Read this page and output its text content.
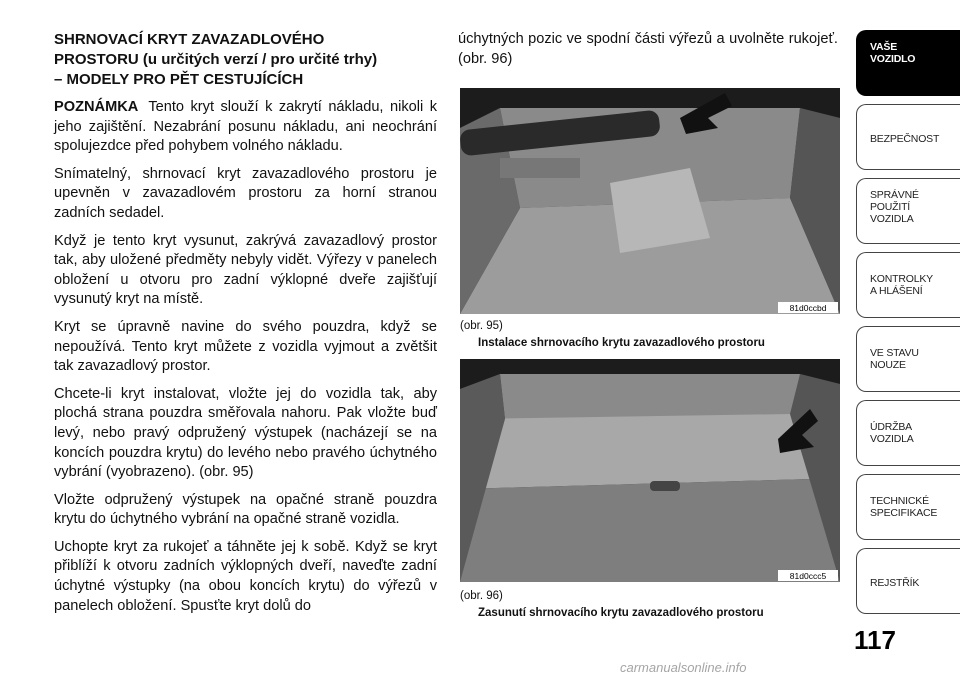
SHRNOVACÍ KRYT ZAVAZADLOVÉHO
PROSTORU (u určitých verzí / pro určité trhy)
– MODELY PRO PĚT CESTUJÍCÍCH

POZNÁMKA Tento kryt slouží k zakrytí nákladu, nikoli k jeho zajištění. Nezabrání posunu nákladu, ani neochrání spolujezdce před pohybem volného nákladu.

Snímatelný, shrnovací kryt zavazadlového prostoru je upevněn v zavazadlovém prostoru za horní stranou zadních sedadel.

Když je tento kryt vysunut, zakrývá zavazadlový prostor tak, aby uložené předměty nebyly vidět. Výřezy v panelech obložení u otvoru pro zadní výklopné dveře zajišťují vysunutý kryt na místě.

Kryt se úpravně navine do svého pouzdra, když se nepoužívá. Tento kryt můžete z vozidla vyjmout a zvětšit tak zavazadlový prostor.

Chcete-li kryt instalovat, vložte jej do vozidla tak, aby plochá strana pouzdra směřovala nahoru. Pak vložte buď levý, nebo pravý odpružený výstupek (nacházejí se na koncích pouzdra krytu) do levého nebo pravého úchytného vybrání (vyobrazeno). (obr. 95)

Vložte odpružený výstupek na opačné straně pouzdra krytu do úchytného vybrání na opačné straně vozidla.

Uchopte kryt za rukojeť a táhněte jej k sobě. Když se kryt přiblíží k otvoru zadních výklopných dveří, naveďte zadní úchytné výstupky (na obou koncích krytu) do výřezů v panelech obložení. Spusťte kryt dolů do

úchytných pozic ve spodní části výřezů a uvolněte rukojeť. (obr. 96)

81d0ccbd
(obr. 95)
Instalace shrnovacího krytu zavazadlového prostoru
81d0ccc5
(obr. 96)
Zasunutí shrnovacího krytu zavazadlového prostoru
VAŠE
VOZIDLO
BEZPEČNOST
SPRÁVNÉ
POUŽITÍ
VOZIDLA
KONTROLKY
A HLÁŠENÍ
VE STAVU
NOUZE
ÚDRŽBA
VOZIDLA
TECHNICKÉ
SPECIFIKACE
REJSTŘÍK
117
carmanualsonline.info
